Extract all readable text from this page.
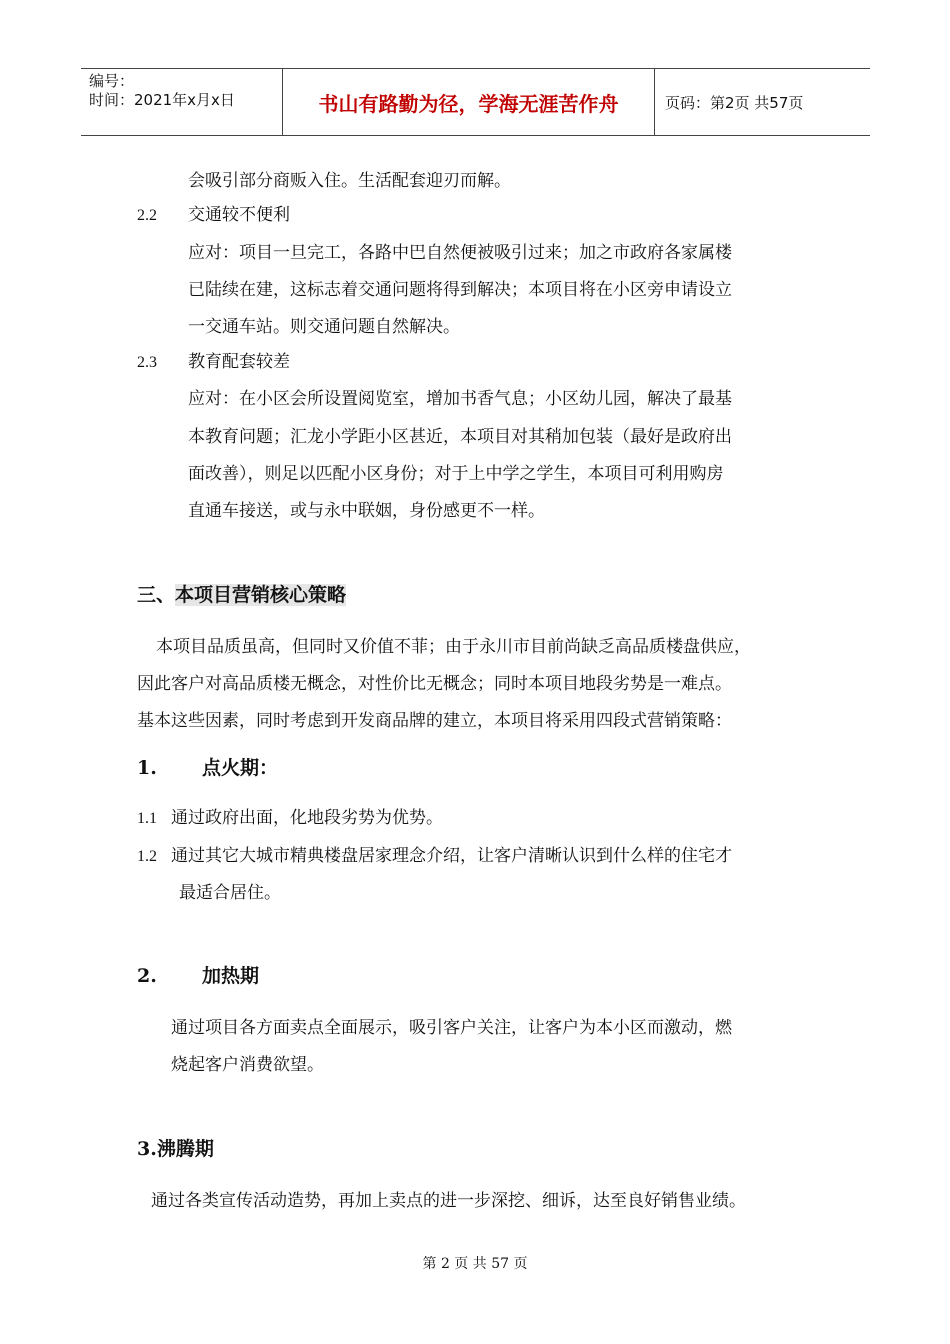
编号：
时间：2021年x月x日	书山有路勤为径，学海无涯苦作舟	页码：第2页 共57页
会吸引部分商贩入住。生活配套迎刃而解。
2.2 交通较不便利
应对：项目一旦完工，各路中巴自然便被吸引过来；加之市政府各家属楼
已陆续在建，这标志着交通问题将得到解决；本项目将在小区旁申请设立
一交通车站。则交通问题自然解决。
2.3 教育配套较差
应对：在小区会所设置阅览室，增加书香气息；小区幼儿园，解决了最基
本教育问题；汇龙小学距小区甚近，本项目对其稍加包装（最好是政府出
面改善），则足以匹配小区身份；对于上中学之学生，本项目可利用购房
直通车接送，或与永中联姻，身份感更不一样。
三、本项目营销核心策略
本项目品质虽高，但同时又价值不菲；由于永川市目前尚缺乏高品质楼盘供应，
因此客户对高品质楼无概念，对性价比无概念；同时本项目地段劣势是一难点。
基本这些因素，同时考虑到开发商品牌的建立，本项目将采用四段式营销策略：
1. 点火期：
1.1 通过政府出面，化地段劣势为优势。
1.2 通过其它大城市精典楼盘居家理念介绍，让客户清晰认识到什么样的住宅才
最适合居住。
2. 加热期
通过项目各方面卖点全面展示，吸引客户关注，让客户为本小区而激动，燃
烧起客户消费欲望。
3.沸腾期
通过各类宣传活动造势，再加上卖点的进一步深挖、细诉，达至良好销售业绩。
第 2 页 共 57 页
